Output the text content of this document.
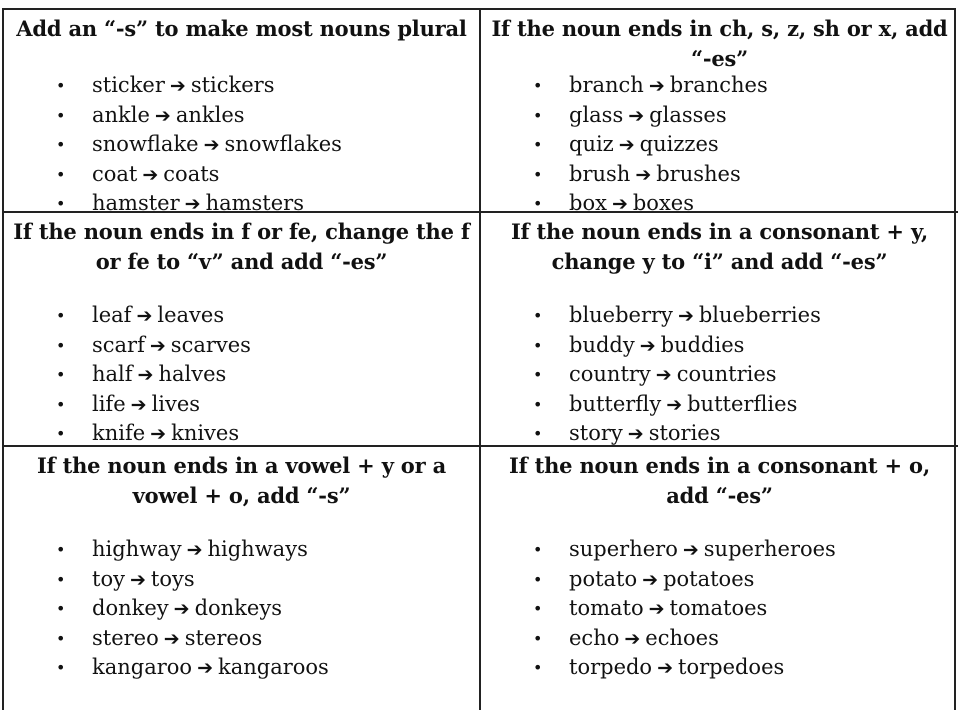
Add an “-s” to make most nouns plural
• sticker ➔ stickers
• ankle ➔ ankles
• snowflake ➔ snowflakes
• coat ➔ coats
• hamster ➔ hamsters
If the noun ends in ch, s, z, sh or x, add “-es”
• branch ➔ branches
• glass ➔ glasses
• quiz ➔ quizzes
• brush ➔ brushes
• box ➔ boxes
If the noun ends in f or fe, change the f or fe to “v” and add “-es”
• leaf ➔ leaves
• scarf ➔ scarves
• half ➔ halves
• life ➔ lives
• knife ➔ knives
If the noun ends in a consonant + y, change y to “i” and add “-es”
• blueberry ➔ blueberries
• buddy ➔ buddies
• country ➔ countries
• butterfly ➔ butterflies
• story ➔ stories
If the noun ends in a vowel + y or a vowel + o, add “-s”
• highway ➔ highways
• toy ➔ toys
• donkey ➔ donkeys
• stereo ➔ stereos
• kangaroo ➔ kangaroos
If the noun ends in a consonant + o, add “-es”
• superhero ➔ superheroes
• potato ➔ potatoes
• tomato ➔ tomatoes
• echo ➔ echoes
• torpedo ➔ torpedoes
